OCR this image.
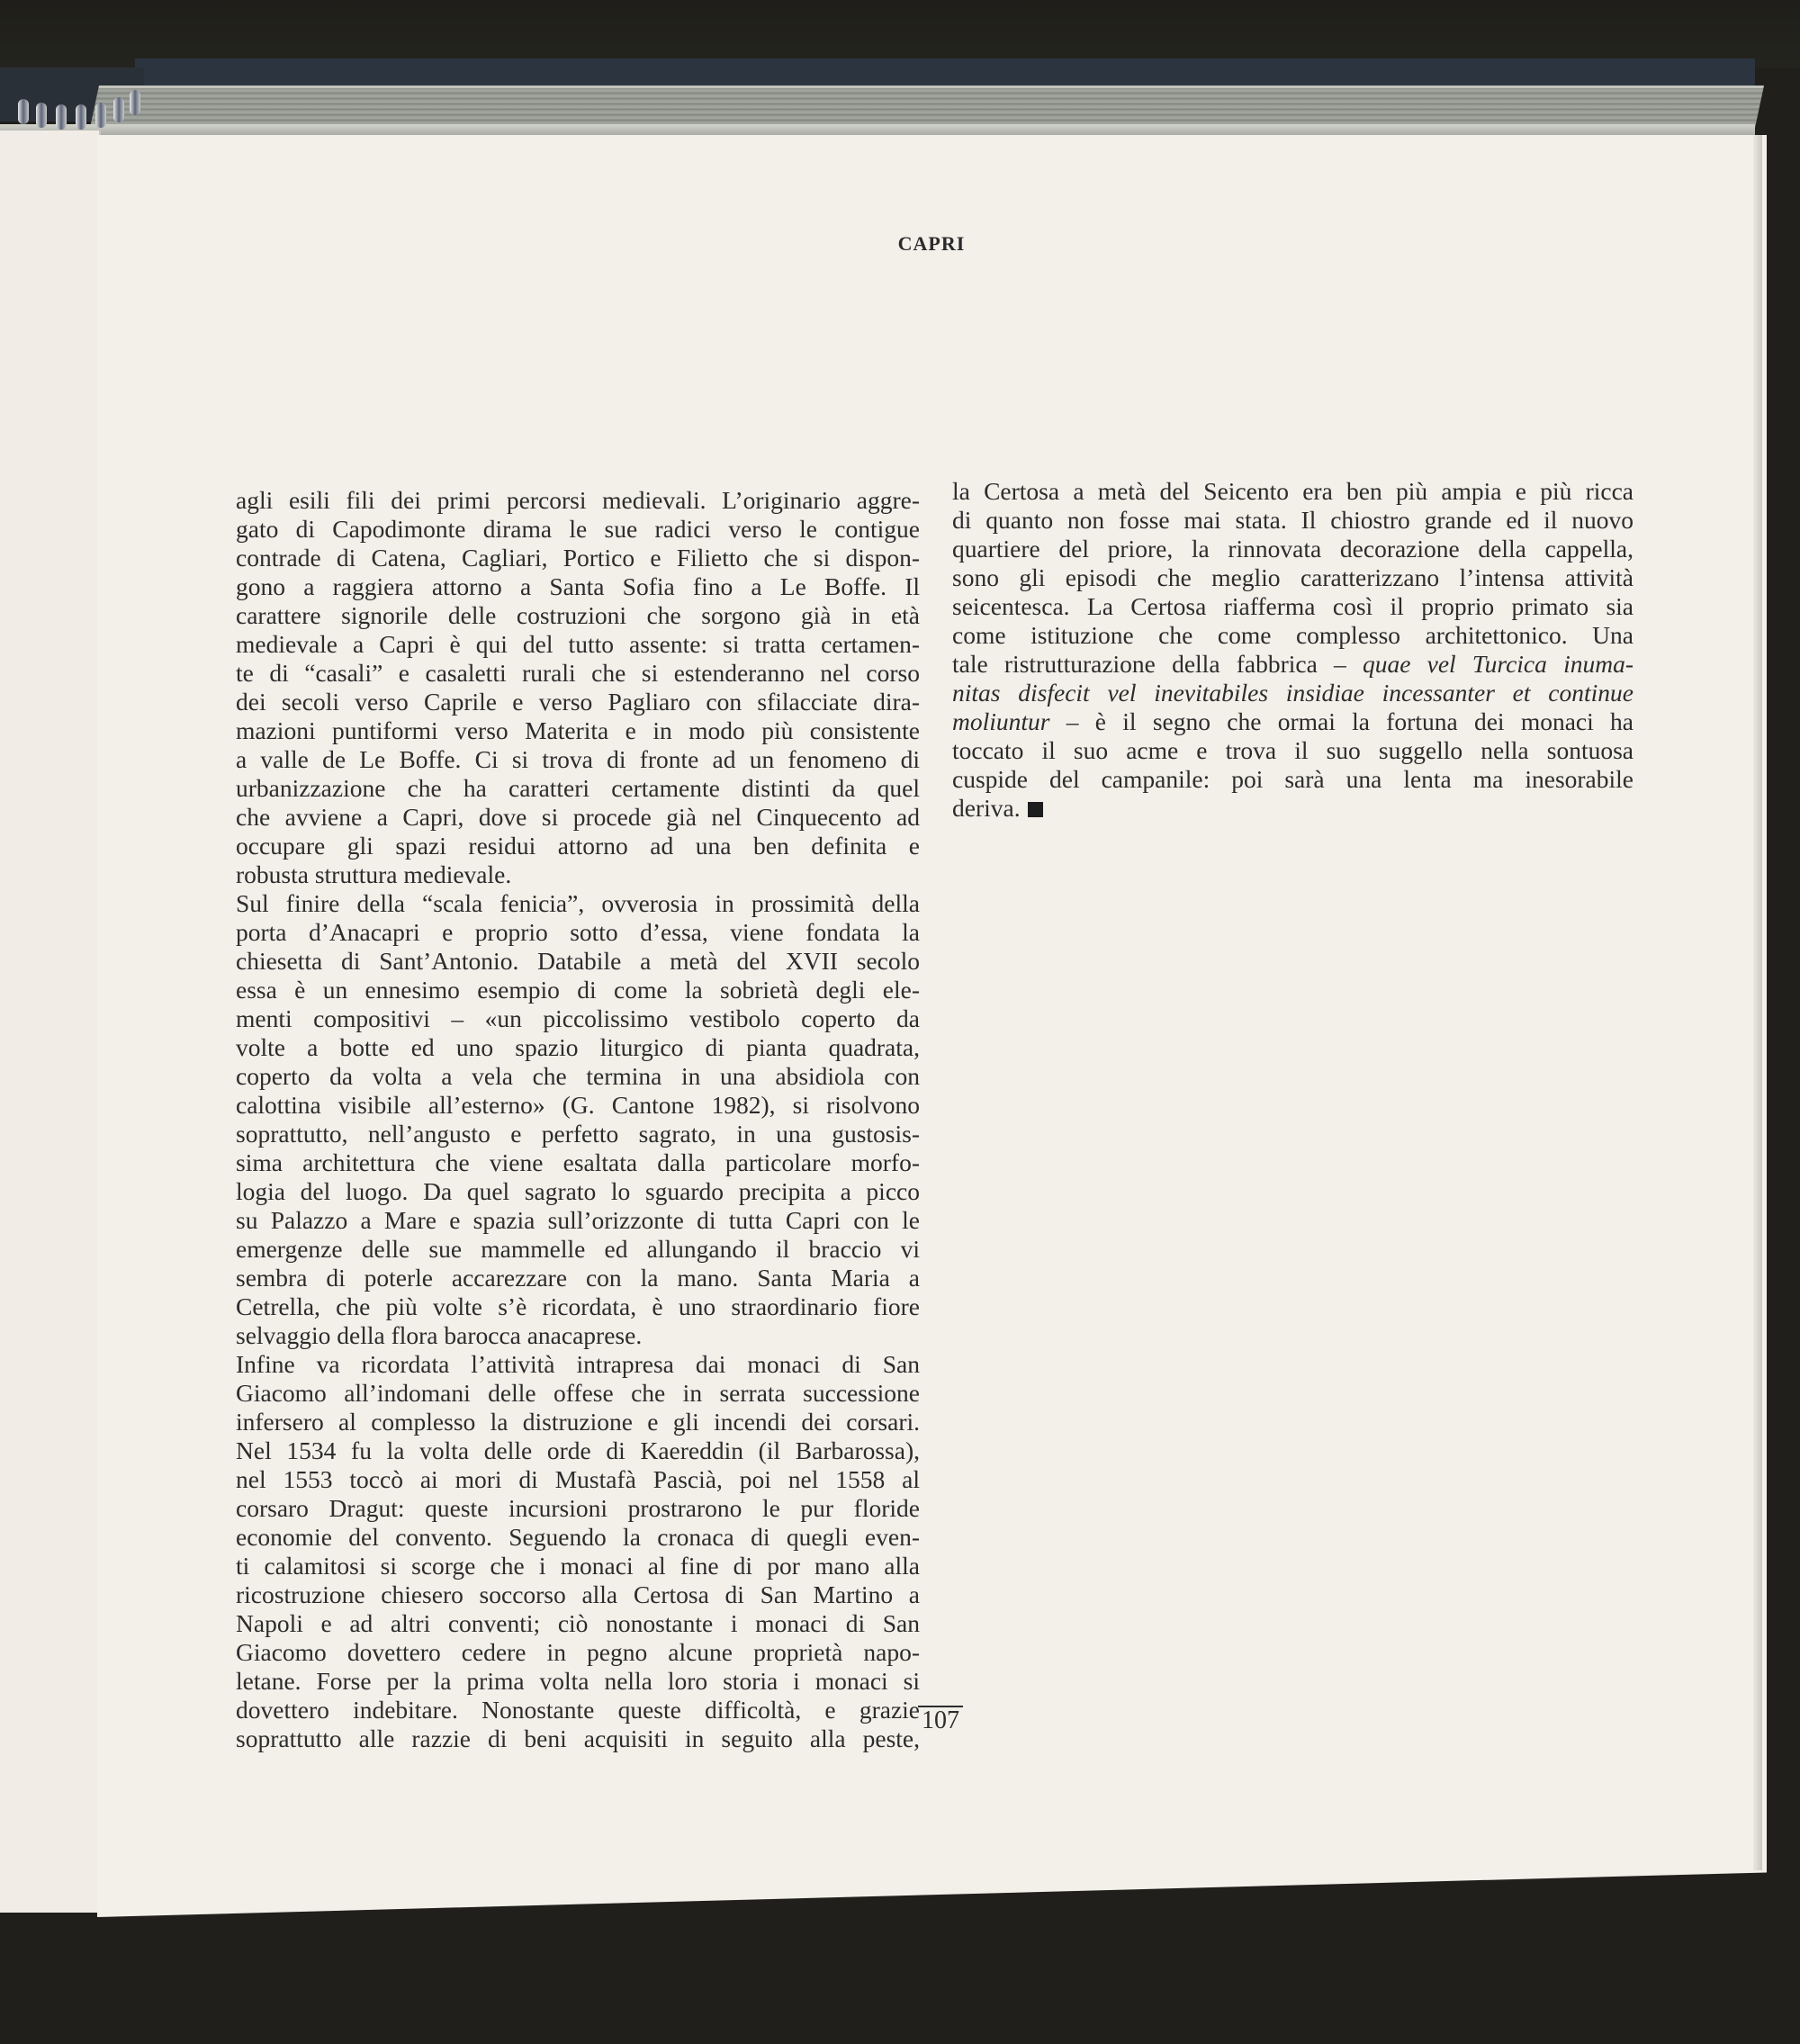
CAPRI
agli esili fili dei primi percorsi medievali. L’originario aggre-
gato di Capodimonte dirama le sue radici verso le contigue
contrade di Catena, Cagliari, Portico e Filietto che si dispon-
gono a raggiera attorno a Santa Sofia fino a Le Boffe. Il
carattere signorile delle costruzioni che sorgono già in età
medievale a Capri è qui del tutto assente: si tratta certamen-
te di “casali” e casaletti rurali che si estenderanno nel corso
dei secoli verso Caprile e verso Pagliaro con sfilacciate dira-
mazioni puntiformi verso Materita e in modo più consistente
a valle de Le Boffe. Ci si trova di fronte ad un fenomeno di
urbanizzazione che ha caratteri certamente distinti da quel
che avviene a Capri, dove si procede già nel Cinquecento ad
occupare gli spazi residui attorno ad una ben definita e
robusta struttura medievale.
Sul finire della “scala fenicia”, ovverosia in prossimità della
porta d’Anacapri e proprio sotto d’essa, viene fondata la
chiesetta di Sant’Antonio. Databile a metà del XVII secolo
essa è un ennesimo esempio di come la sobrietà degli ele-
menti compositivi – «un piccolissimo vestibolo coperto da
volte a botte ed uno spazio liturgico di pianta quadrata,
coperto da volta a vela che termina in una absidiola con
calottina visibile all’esterno» (G. Cantone 1982), si risolvono
soprattutto, nell’angusto e perfetto sagrato, in una gustosis-
sima architettura che viene esaltata dalla particolare morfo-
logia del luogo. Da quel sagrato lo sguardo precipita a picco
su Palazzo a Mare e spazia sull’orizzonte di tutta Capri con le
emergenze delle sue mammelle ed allungando il braccio vi
sembra di poterle accarezzare con la mano. Santa Maria a
Cetrella, che più volte s’è ricordata, è uno straordinario fiore
selvaggio della flora barocca anacaprese.
Infine va ricordata l’attività intrapresa dai monaci di San
Giacomo all’indomani delle offese che in serrata successione
infersero al complesso la distruzione e gli incendi dei corsari.
Nel 1534 fu la volta delle orde di Kaereddin (il Barbarossa),
nel 1553 toccò ai mori di Mustafà Pascià, poi nel 1558 al
corsaro Dragut: queste incursioni prostrarono le pur floride
economie del convento. Seguendo la cronaca di quegli even-
ti calamitosi si scorge che i monaci al fine di por mano alla
ricostruzione chiesero soccorso alla Certosa di San Martino a
Napoli e ad altri conventi; ciò nonostante i monaci di San
Giacomo dovettero cedere in pegno alcune proprietà napo-
letane. Forse per la prima volta nella loro storia i monaci si
dovettero indebitare. Nonostante queste difficoltà, e grazie
soprattutto alle razzie di beni acquisiti in seguito alla peste,
la Certosa a metà del Seicento era ben più ampia e più ricca
di quanto non fosse mai stata. Il chiostro grande ed il nuovo
quartiere del priore, la rinnovata decorazione della cappella,
sono gli episodi che meglio caratterizzano l’intensa attività
seicentesca. La Certosa riafferma così il proprio primato sia
come istituzione che come complesso architettonico. Una
tale ristrutturazione della fabbrica – quae vel Turcica inuma-
nitas disfecit vel inevitabiles insidiae incessanter et continue
moliuntur – è il segno che ormai la fortuna dei monaci ha
toccato il suo acme e trova il suo suggello nella sontuosa
cuspide del campanile: poi sarà una lenta ma inesorabile
deriva.
107
